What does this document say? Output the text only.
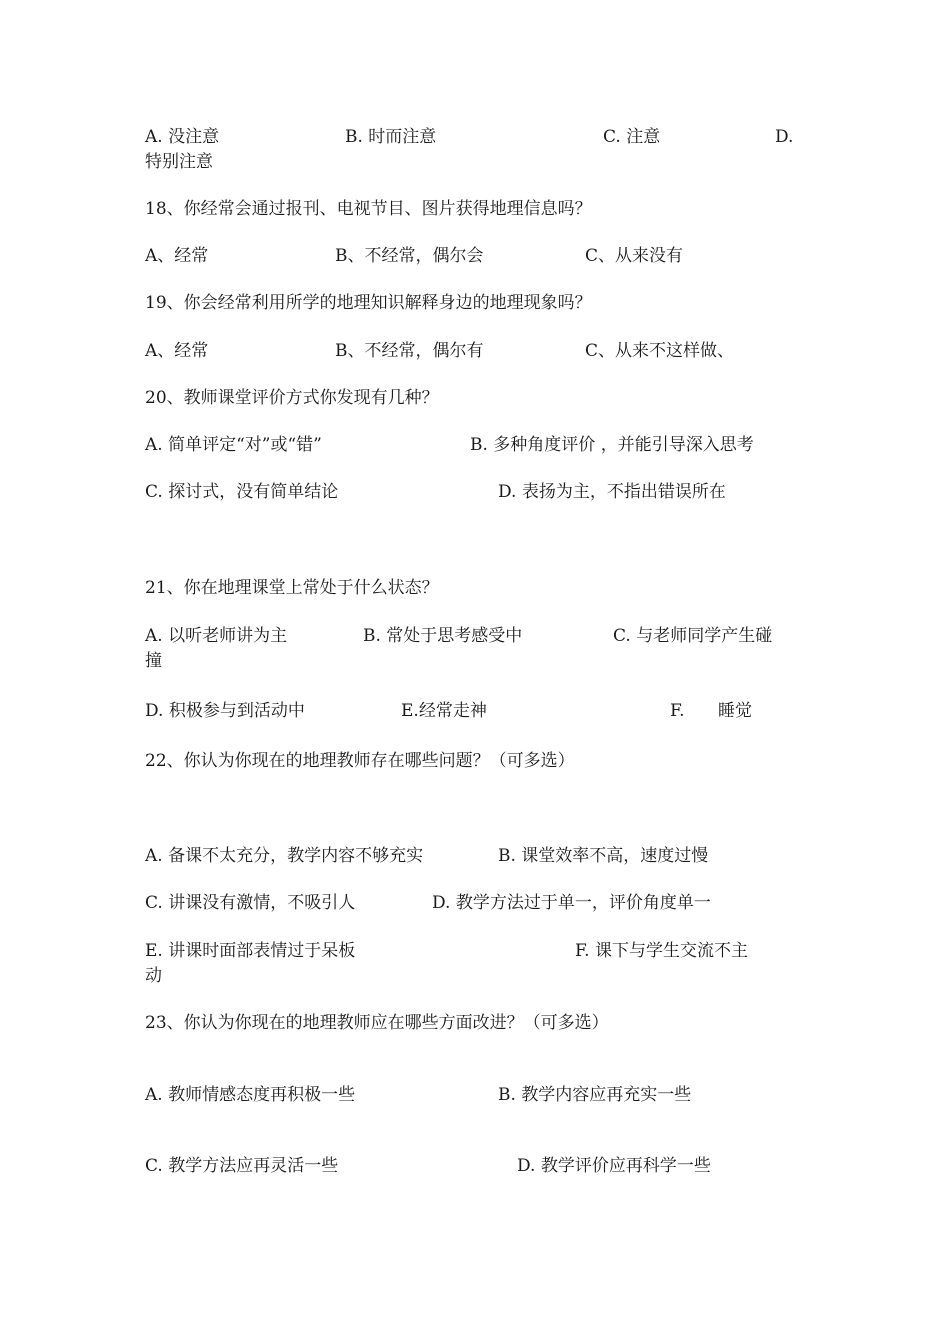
A. 没注意	B. 时而注意	C. 注意	D.
特别注意
18、你经常会通过报刊、电视节目、图片获得地理信息吗？
A、经常	B、不经常，偶尔会	C、从来没有
19、你会经常利用所学的地理知识解释身边的地理现象吗？
A、经常	B、不经常，偶尔有	C、从来不这样做、
20、教师课堂评价方式你发现有几种？
A. 简单评定“对”或“错”	B. 多种角度评价 ，并能引导深入思考
C. 探讨式，没有简单结论	D. 表扬为主，不指出错误所在
21、你在地理课堂上常处于什么状态？
A. 以听老师讲为主	B. 常处于思考感受中	C. 与老师同学产生碰
撞
D. 积极参与到活动中	E.经常走神	F. 睡觉
22、你认为你现在的地理教师存在哪些问题？（可多选）
A. 备课不太充分，教学内容不够充实	B. 课堂效率不高，速度过慢
C. 讲课没有激情，不吸引人	D. 教学方法过于单一，评价角度单一
E. 讲课时面部表情过于呆板	F. 课下与学生交流不主
动
23、你认为你现在的地理教师应在哪些方面改进？（可多选）
A. 教师情感态度再积极一些	B. 教学内容应再充实一些
C. 教学方法应再灵活一些	D. 教学评价应再科学一些
